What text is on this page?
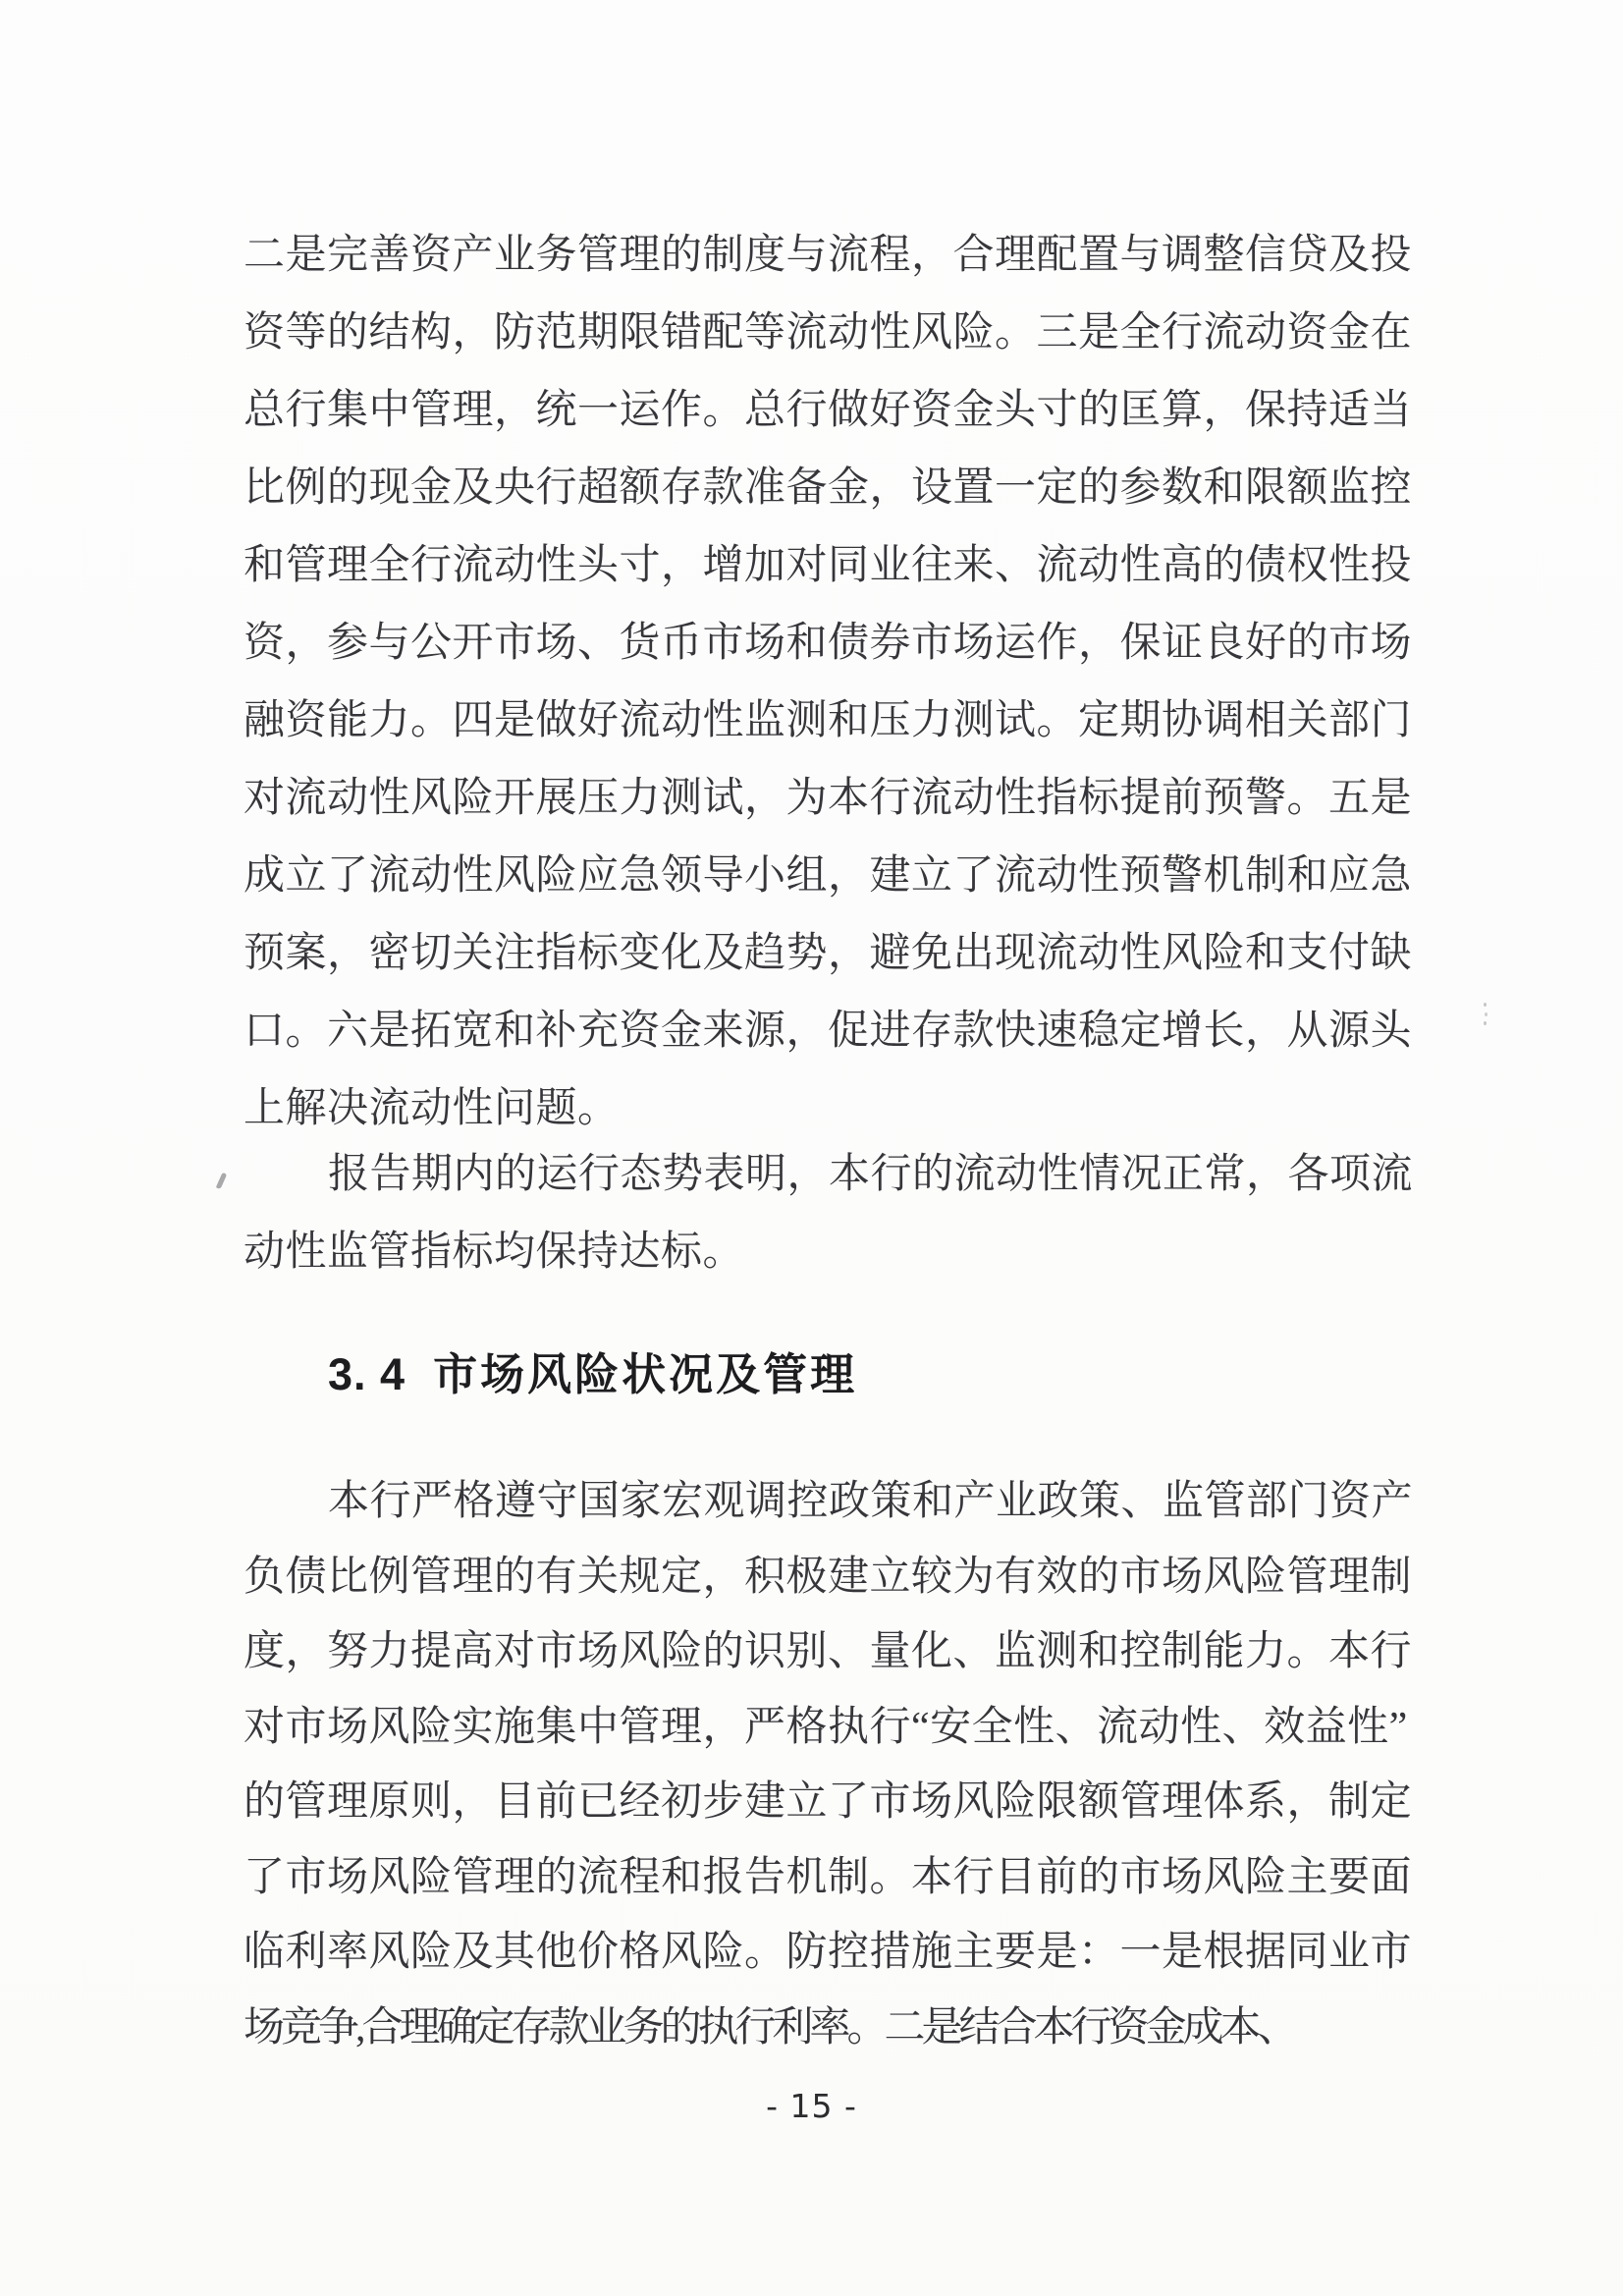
二是完善资产业务管理的制度与流程，合理配置与调整信贷及投
资等的结构，防范期限错配等流动性风险。三是全行流动资金在
总行集中管理，统一运作。总行做好资金头寸的匡算，保持适当
比例的现金及央行超额存款准备金，设置一定的参数和限额监控
和管理全行流动性头寸，增加对同业往来、流动性高的债权性投
资，参与公开市场、货币市场和债券市场运作，保证良好的市场
融资能力。四是做好流动性监测和压力测试。定期协调相关部门
对流动性风险开展压力测试，为本行流动性指标提前预警。五是
成立了流动性风险应急领导小组，建立了流动性预警机制和应急
预案，密切关注指标变化及趋势，避免出现流动性风险和支付缺
口。六是拓宽和补充资金来源，促进存款快速稳定增长，从源头
上解决流动性问题。
报告期内的运行态势表明，本行的流动性情况正常，各项流
动性监管指标均保持达标。
3. 4 市场风险状况及管理
本行严格遵守国家宏观调控政策和产业政策、监管部门资产
负债比例管理的有关规定，积极建立较为有效的市场风险管理制
度，努力提高对市场风险的识别、量化、监测和控制能力。本行
对市场风险实施集中管理，严格执行“安全性、流动性、效益性”
的管理原则，目前已经初步建立了市场风险限额管理体系，制定
了市场风险管理的流程和报告机制。本行目前的市场风险主要面
临利率风险及其他价格风险。防控措施主要是：一是根据同业市
场竞争,合理确定存款业务的执行利率。二是结合本行资金成本、
- 15 -
